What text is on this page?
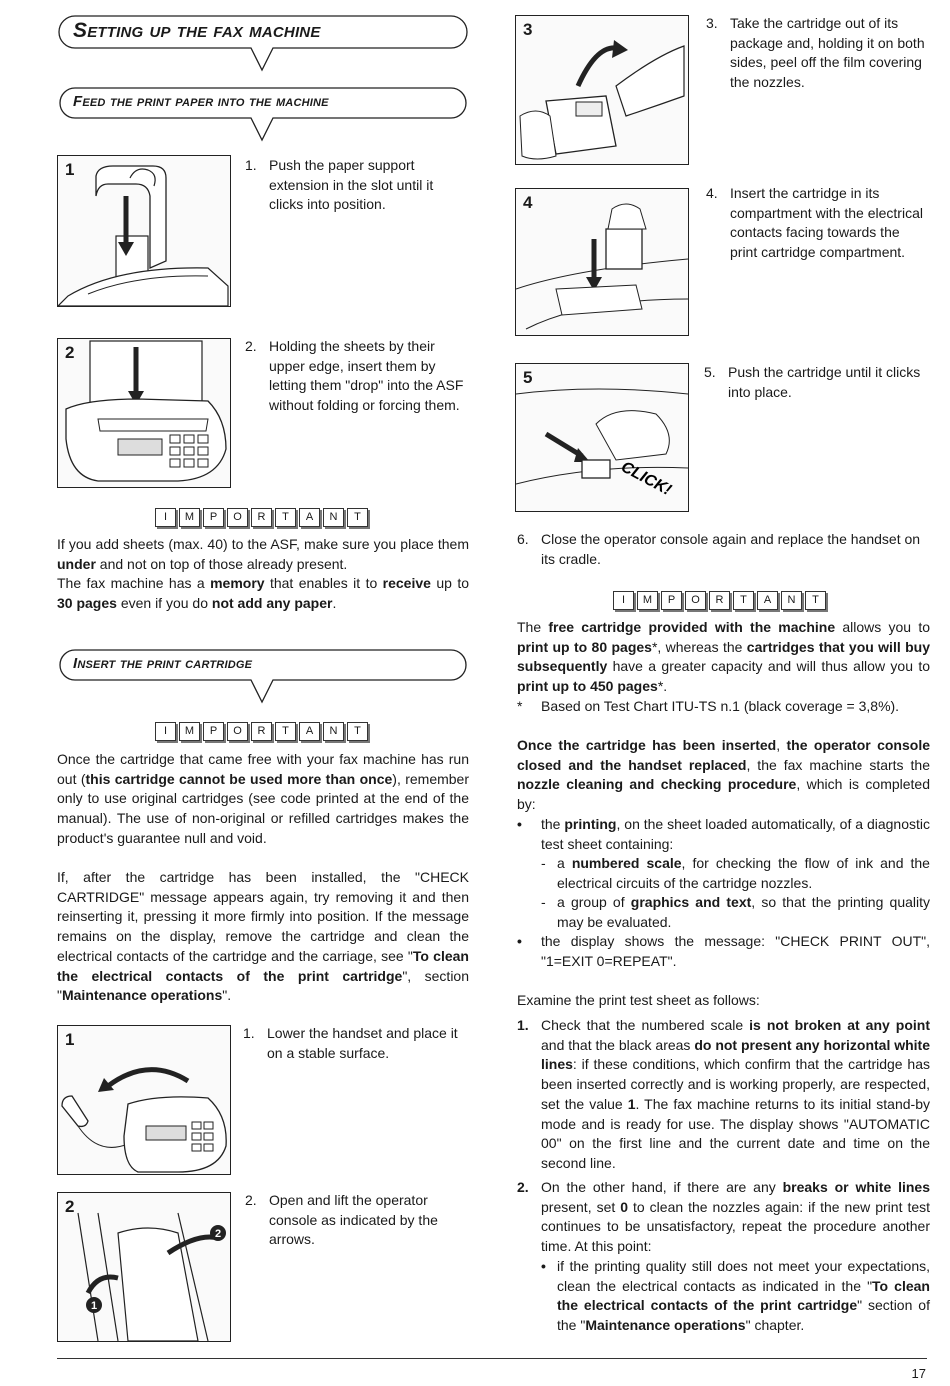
Setting up the fax machine
Feed the print paper into the machine
1	1. Push the paper support extension in the slot until it clicks into position.
2	2. Holding the sheets by their upper edge, insert them by letting them "drop" into the ASF without folding or forcing them.
I	M	P	O	R	T	A	N	T

If you add sheets (max. 40) to the ASF, make sure you place them under and not on top of those already present.

The fax machine has a memory that enables it to receive up to 30 pages even if you do not add any paper.

Insert the print cartridge
I	M	P	O	R	T	A	N	T

Once the cartridge that came free with your fax machine has run out (this cartridge cannot be used more than once), remember only to use original cartridges (see code printed at the end of the manual). The use of non-original or refilled cartridges makes the product's guarantee null and void.

If, after the cartridge has been installed, the "CHECK CARTRIDGE" message appears again, try removing it and then reinserting it, pressing it more firmly into position. If the message remains on the display, remove the cartridge and clean the electrical contacts of the cartridge and the carriage, see "To clean the electrical contacts of the print cartridge", section "Maintenance operations".

1	1. Lower the handset and place it on a stable surface.
2
1
2
2. Open and lift the operator console as indicated by the arrows.
3	3. Take the cartridge out of its package and, holding it on both sides, peel off the film covering the nozzles.
4	4. Insert the cartridge in its compartment with the electrical contacts facing towards the print cartridge compartment.
5
CLICK!
5. Push the cartridge until it clicks into place.
6. Close the operator console again and replace the handset on its cradle.
I	M	P	O	R	T	A	N	T

The free cartridge provided with the machine allows you to print up to 80 pages*, whereas the cartridges that you will buy subsequently have a greater capacity and will thus allow you to print up to 450 pages*.

* Based on Test Chart ITU-TS n.1 (black coverage = 3,8%).

Once the cartridge has been inserted, the operator console closed and the handset replaced, the fax machine starts the nozzle cleaning and checking procedure, which is completed by:

• the printing, on the sheet loaded automatically, of a diagnostic test sheet containing:
- a numbered scale, for checking the flow of ink and the electrical circuits of the cartridge nozzles.
- a group of graphics and text, so that the printing quality may be evaluated.
• the display shows the message: "CHECK PRINT OUT", "1=EXIT 0=REPEAT".

Examine the print test sheet as follows:

1. Check that the numbered scale is not broken at any point and that the black areas do not present any horizontal white lines: if these conditions, which confirm that the cartridge has been inserted correctly and is working properly, are respected, set the value 1. The fax machine returns to its initial stand-by mode and is ready for use. The display shows "AUTOMATIC 00" on the first line and the current date and time on the second line.
2. On the other hand, if there are any breaks or white lines present, set 0 to clean the nozzles again: if the new print test continues to be unsatisfactory, repeat the procedure another time. At this point:
• if the printing quality still does not meet your expectations, clean the electrical contacts as indicated in the "To clean the electrical contacts of the print cartridge" section of the "Maintenance operations" chapter.
17
